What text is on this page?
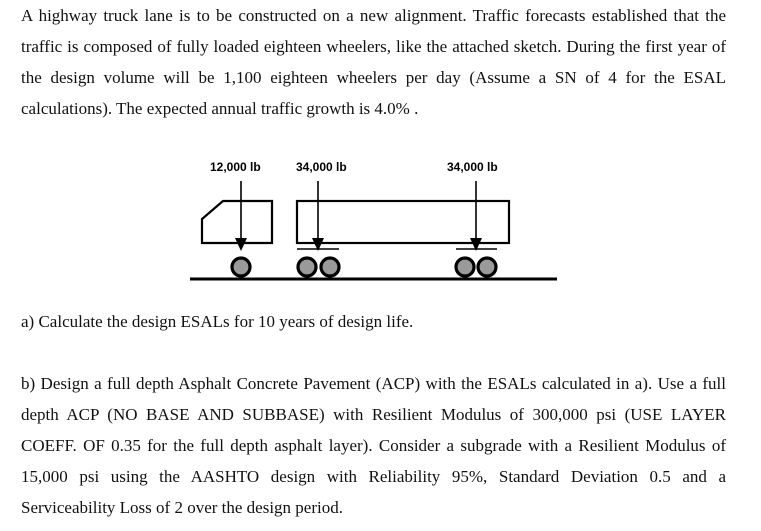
A highway truck lane is to be constructed on a new alignment. Traffic forecasts established that the traffic is composed of fully loaded eighteen wheelers, like the attached sketch. During the first year of the design volume will be 1,100 eighteen wheelers per day (Assume a SN of 4 for the ESAL calculations). The expected annual traffic growth is 4.0% .

12,000 lb	34,000 lb	34,000 lb

a) Calculate the design ESALs for 10 years of design life.

b) Design a full depth Asphalt Concrete Pavement (ACP) with the ESALs calculated in a). Use a full depth ACP (NO BASE AND SUBBASE) with Resilient Modulus of 300,000 psi (USE LAYER COEFF. OF 0.35 for the full depth asphalt layer). Consider a subgrade with a Resilient Modulus of 15,000 psi using the AASHTO design with Reliability 95%, Standard Deviation 0.5 and a Serviceability Loss of 2 over the design period.
